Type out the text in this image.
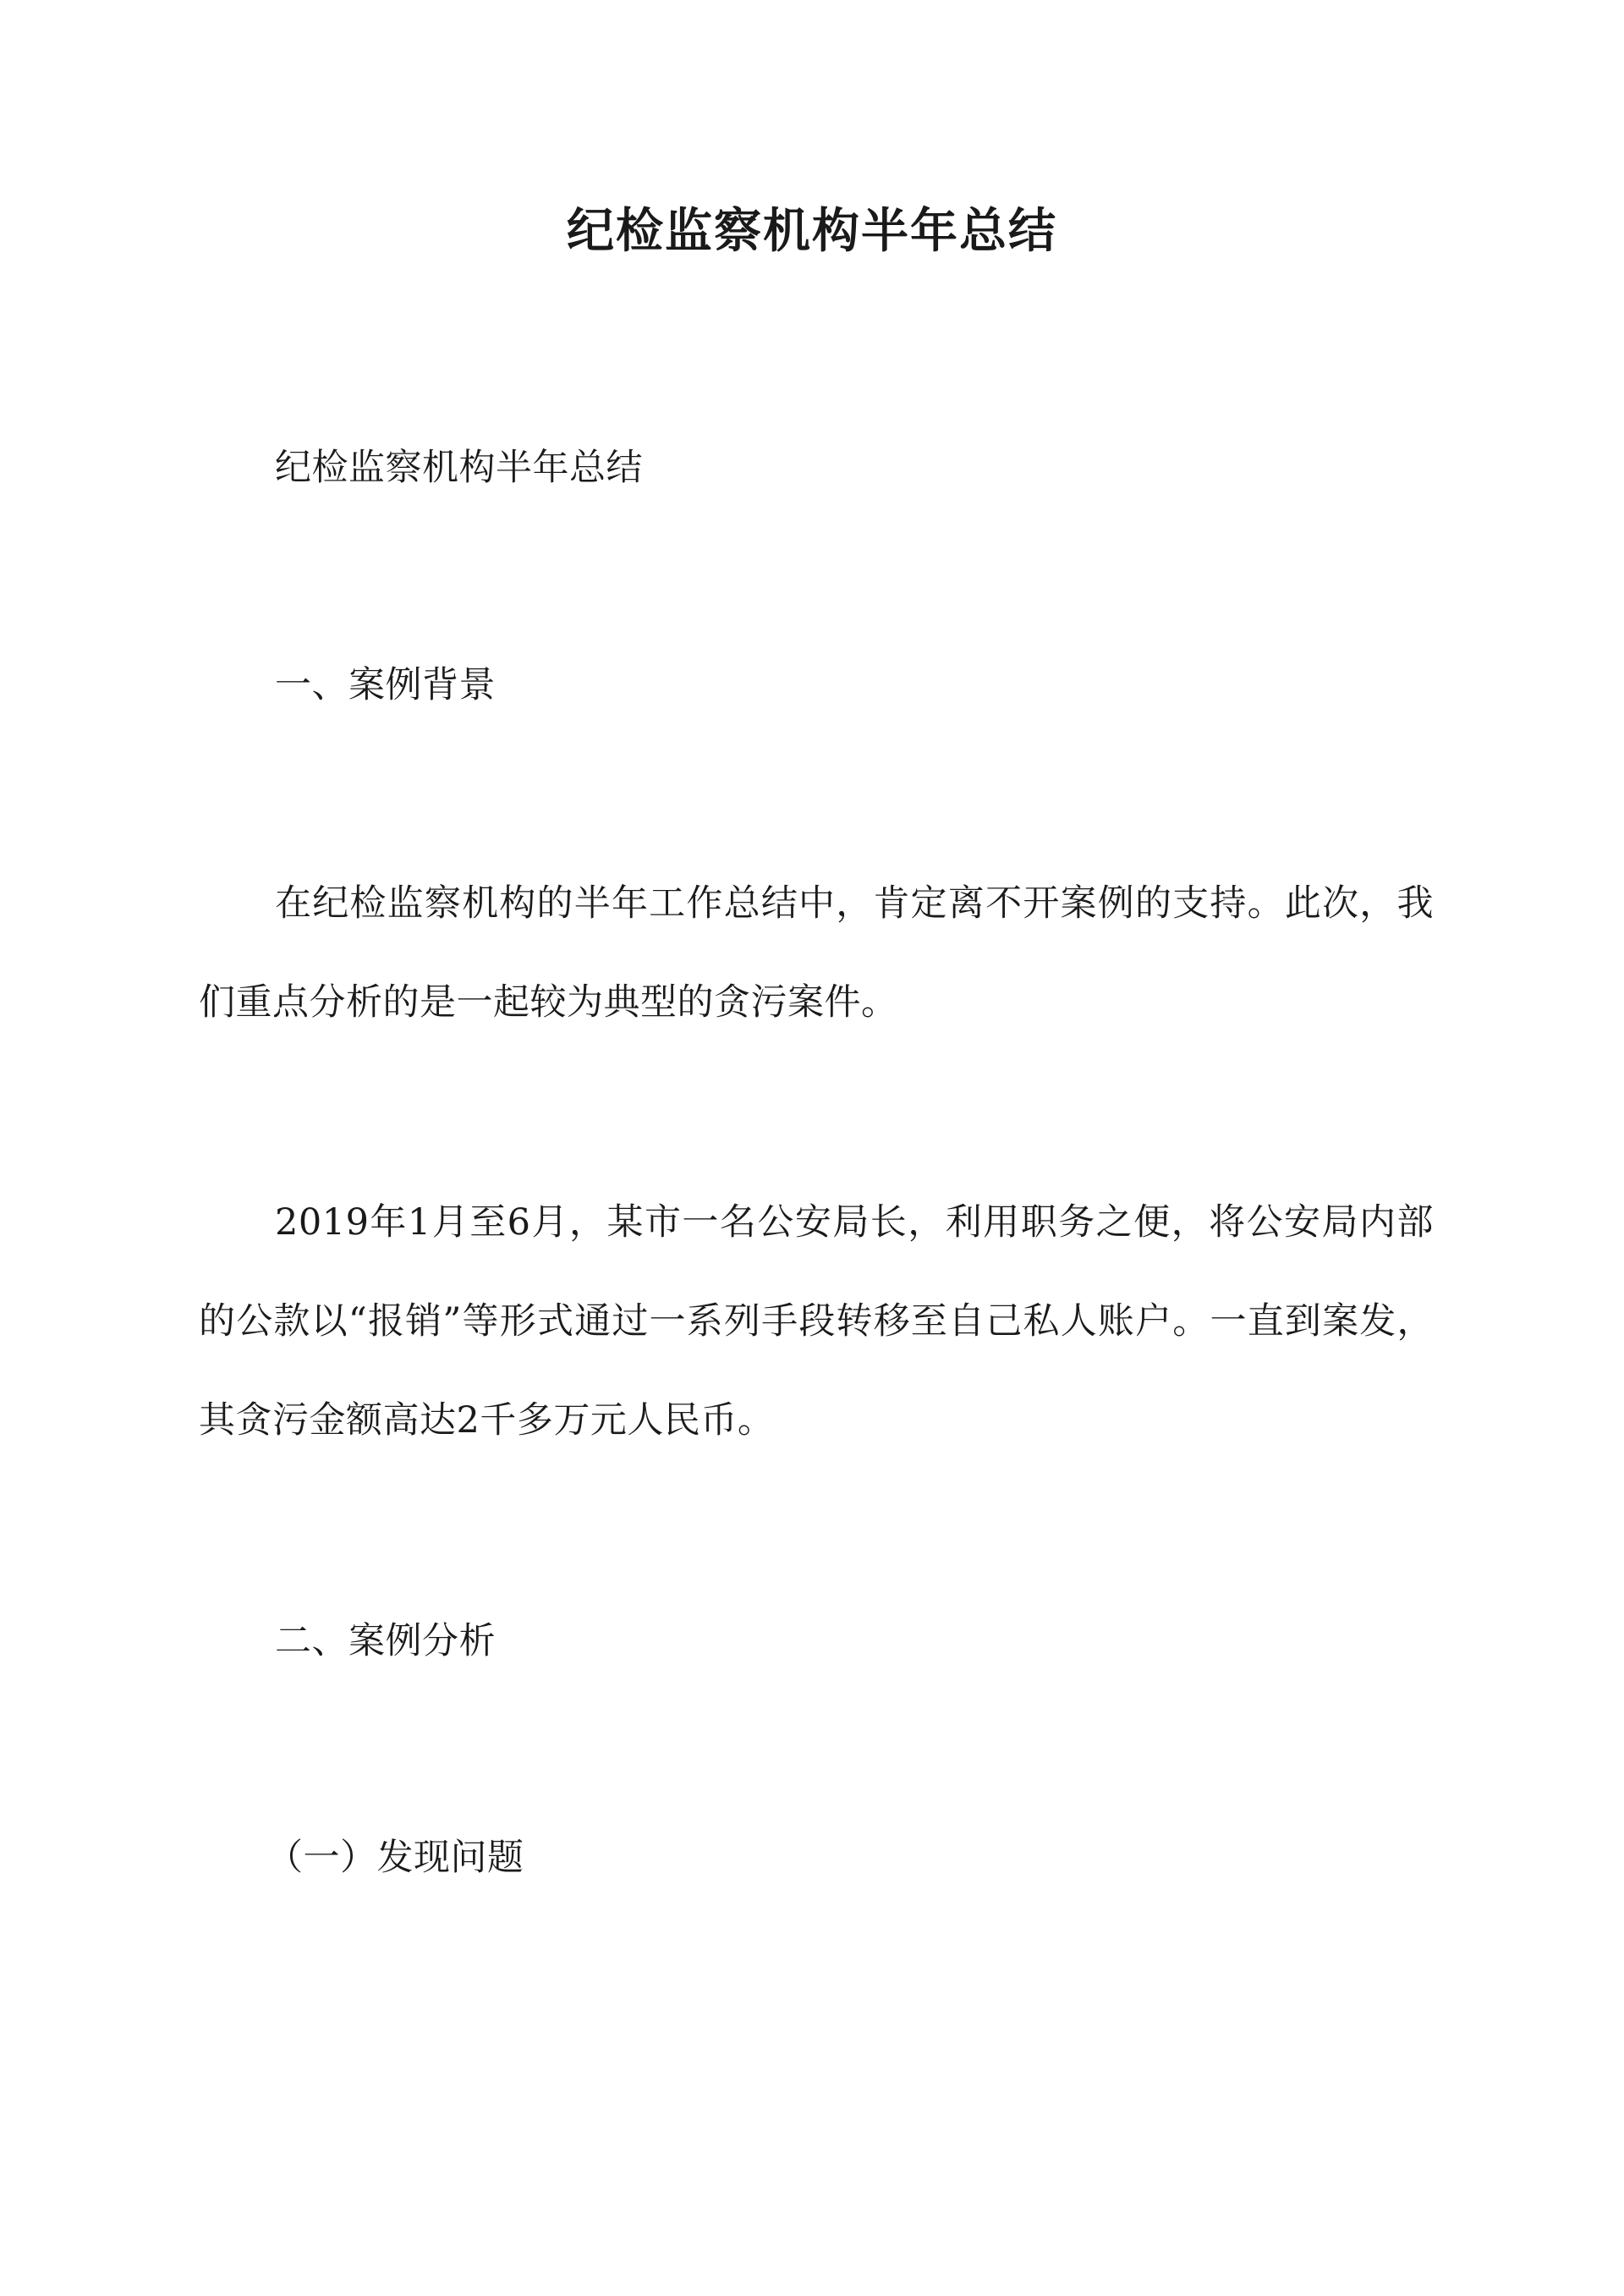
纪检监察机构半年总结

纪检监察机构半年总结

一、案例背景

在纪检监察机构的半年工作总结中，肯定离不开案例的支持。此次，我们重点分析的是一起较为典型的贪污案件。

2019年1月至6月，某市一名公安局长，利用职务之便，将公安局内部的公款以“报销”等形式通过一系列手段转移至自己私人账户。一直到案发，其贪污金额高达2千多万元人民币。

二、案例分析

（一）发现问题
